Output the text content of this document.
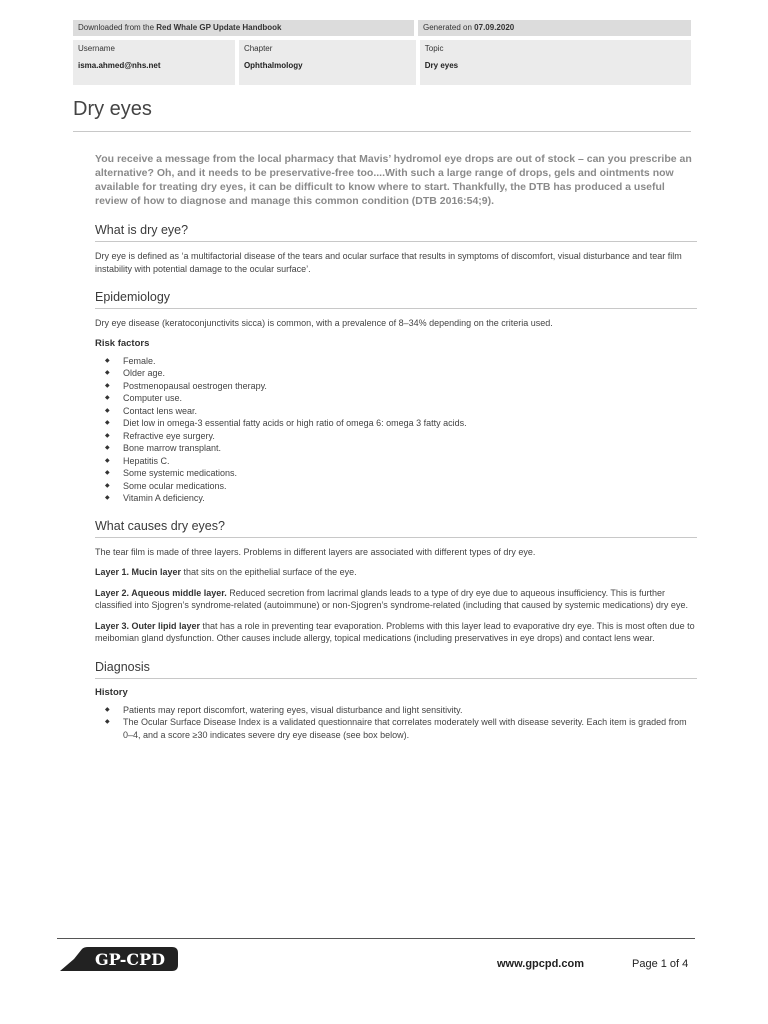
Downloaded from the Red Whale GP Update Handbook	Generated on 07.09.2020
Username
isma.ahmed@nhs.net
Chapter
Ophthalmology
Topic
Dry eyes
Dry eyes

You receive a message from the local pharmacy that Mavis’ hydromol eye drops are out of stock – can you prescribe an alternative? Oh, and it needs to be preservative-free too....With such a large range of drops, gels and ointments now available for treating dry eyes, it can be difficult to know where to start. Thankfully, the DTB has produced a useful review of how to diagnose and manage this common condition (DTB 2016:54;9).

What is dry eye?

Dry eye is defined as ‘a multifactorial disease of the tears and ocular surface that results in symptoms of discomfort, visual disturbance and tear film instability with potential damage to the ocular surface’.

Epidemiology

Dry eye disease (keratoconjunctivits sicca) is common, with a prevalence of 8–34% depending on the criteria used.

Risk factors
◆ Female.
◆ Older age.
◆ Postmenopausal oestrogen therapy.
◆ Computer use.
◆ Contact lens wear.
◆ Diet low in omega-3 essential fatty acids or high ratio of omega 6: omega 3 fatty acids.
◆ Refractive eye surgery.
◆ Bone marrow transplant.
◆ Hepatitis C.
◆ Some systemic medications.
◆ Some ocular medications.
◆ Vitamin A deficiency.
What causes dry eyes?

The tear film is made of three layers. Problems in different layers are associated with different types of dry eye.

Layer 1. Mucin layer that sits on the epithelial surface of the eye.

Layer 2. Aqueous middle layer. Reduced secretion from lacrimal glands leads to a type of dry eye due to aqueous insufficiency. This is further classified into Sjogren’s syndrome-related (autoimmune) or non-Sjogren’s syndrome-related (including that caused by systemic medications) dry eye.

Layer 3. Outer lipid layer that has a role in preventing tear evaporation. Problems with this layer lead to evaporative dry eye. This is most often due to meibomian gland dysfunction. Other causes include allergy, topical medications (including preservatives in eye drops) and contact lens wear.

Diagnosis
History
◆ Patients may report discomfort, watering eyes, visual disturbance and light sensitivity.
◆ The Ocular Surface Disease Index is a validated questionnaire that correlates moderately well with disease severity. Each item is graded from 0–4, and a score ≥30 indicates severe dry eye disease (see box below).
GP-CPD	www.gpcpd.com	Page 1 of 4
